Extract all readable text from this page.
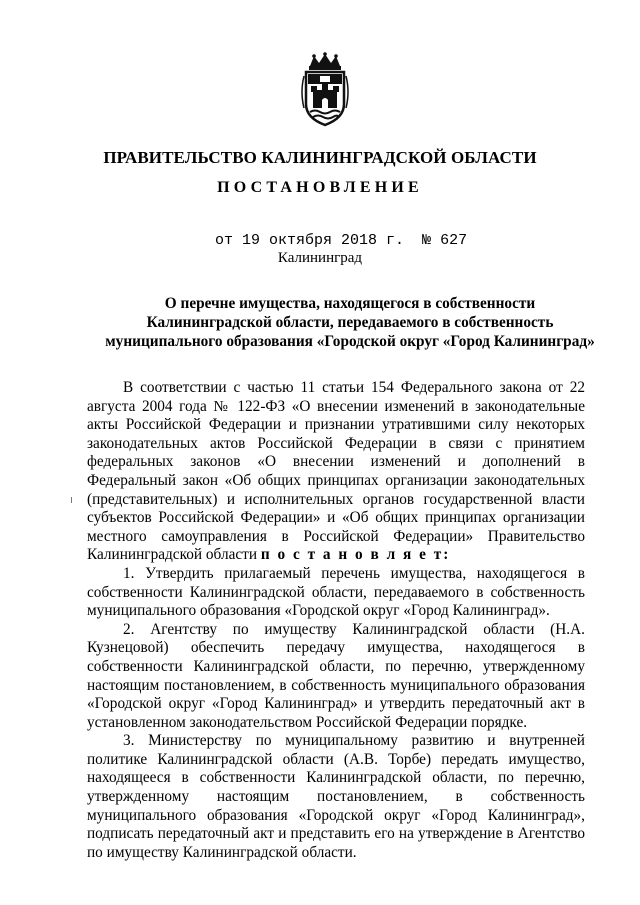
ПРАВИТЕЛЬСТВО КАЛИНИНГРАДСКОЙ ОБЛАСТИ
ПОСТАНОВЛЕНИЕ
от 19 октября 2018 г. № 627
Калининград
О перечне имущества, находящегося в собственности
Калининградской области, передаваемого в собственность
муниципального образования «Городской округ «Город Калининград»

В соответствии с частью 11 статьи 154 Федерального закона от 22 августа 2004 года № 122-ФЗ «О внесении изменений в законодательные акты Российской Федерации и признании утратившими силу некоторых законодательных актов Российской Федерации в связи с принятием федеральных законов «О внесении изменений и дополнений в Федеральный закон «Об общих принципах организации законодательных (представительных) и исполнительных органов государственной власти субъектов Российской Федерации» и «Об общих принципах организации местного самоуправления в Российской Федерации» Правительство Калининградской области п о с т а н о в л я е т:

1. Утвердить прилагаемый перечень имущества, находящегося в собственности Калининградской области, передаваемого в собственность муниципального образования «Городской округ «Город Калининград».

2. Агентству по имуществу Калининградской области (Н.А. Кузнецовой) обеспечить передачу имущества, находящегося в собственности Калининградской области, по перечню, утвержденному настоящим постановлением, в собственность муниципального образования «Городской округ «Город Калининград» и утвердить передаточный акт в установленном законодательством Российской Федерации порядке.

3. Министерству по муниципальному развитию и внутренней политике Калининградской области (А.В. Торбе) передать имущество, находящееся в собственности Калининградской области, по перечню, утвержденному настоящим постановлением, в собственность муниципального образования «Городской округ «Город Калининград», подписать передаточный акт и представить его на утверждение в Агентство по имуществу Калининградской области.
